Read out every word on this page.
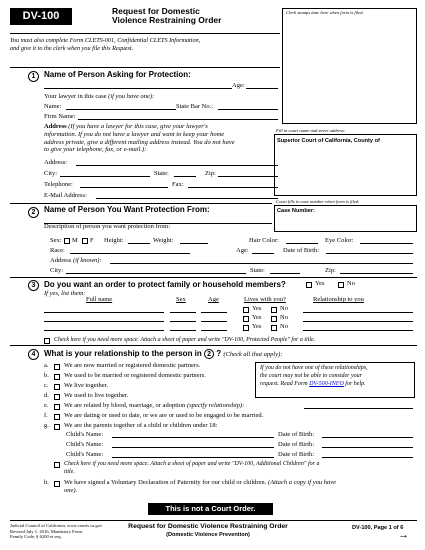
DV-100	Request for Domestic
Violence Restraining Order
Clerk stamps date here when form is filed.
You must also complete Form CLETS-001, Confidential CLETS Information,
and give it to the clerk when you file this Request.
1	Name of Person Asking for Protection:
Age:
Your lawyer in this case (if you have one):
Name:	State Bar No.:
Firm Name:
Address (If you have a lawyer for this case, give your lawyer's
information. If you do not have a lawyer and want to keep your home
address private, give a different mailing address instead. You do not have
to give your telephone, fax, or e-mail.):
Address:
City:	State:	Zip:
Telephone:	Fax:
E-Mail Address:
Fill in court name and street address:
Superior Court of California, County of
Court fills in case number when form is filed.
Case Number:
2	Name of Person You Want Protection From:
Description of person you want protection from:
Sex: M F Height:	Weight:	Hair Color:	Eye Color:
Race:	Age:	Date of Birth:
Address (if known):
City:	State:	Zip:
3	Do you want an order to protect family or household members?	Yes	No
If yes, list them:
Full name	Sex	Age	Lives with you?	Relationship to you
Yes	No
Yes	No
Yes	No
Check here if you need more space. Attach a sheet of paper and write "DV-100, Protected People" for a title.
4	What is your relationship to the person in 2 ? (Check all that apply):
If you do not have one of these relationships,
the court may not be able to consider your
request. Read Form DV-500-INFO for help.
a. We are now married or registered domestic partners.
b. We used to be married or registered domestic partners.
c. We live together.
d. We used to live together.
e. We are related by blood, marriage, or adoption (specify relationship):
f. We are dating or used to date, or we are or used to be engaged to be married.
g. We are the parents together of a child or children under 18:
Child's Name:	Date of Birth:
Child's Name:	Date of Birth:
Child's Name:	Date of Birth:
Check here if you need more space. Attach a sheet of paper and write "DV-100, Additional Children" for a
title.
h. We have signed a Voluntary Declaration of Paternity for our child or children. (Attach a copy if you have
one).
This is not a Court Order.
Judicial Council of California, www.courts.ca.gov
Revised July 1, 2016, Mandatory Form
Family Code, § 6200 et seq.
Request for Domestic Violence Restraining Order
(Domestic Violence Prevention)
DV-100, Page 1 of 6
→
